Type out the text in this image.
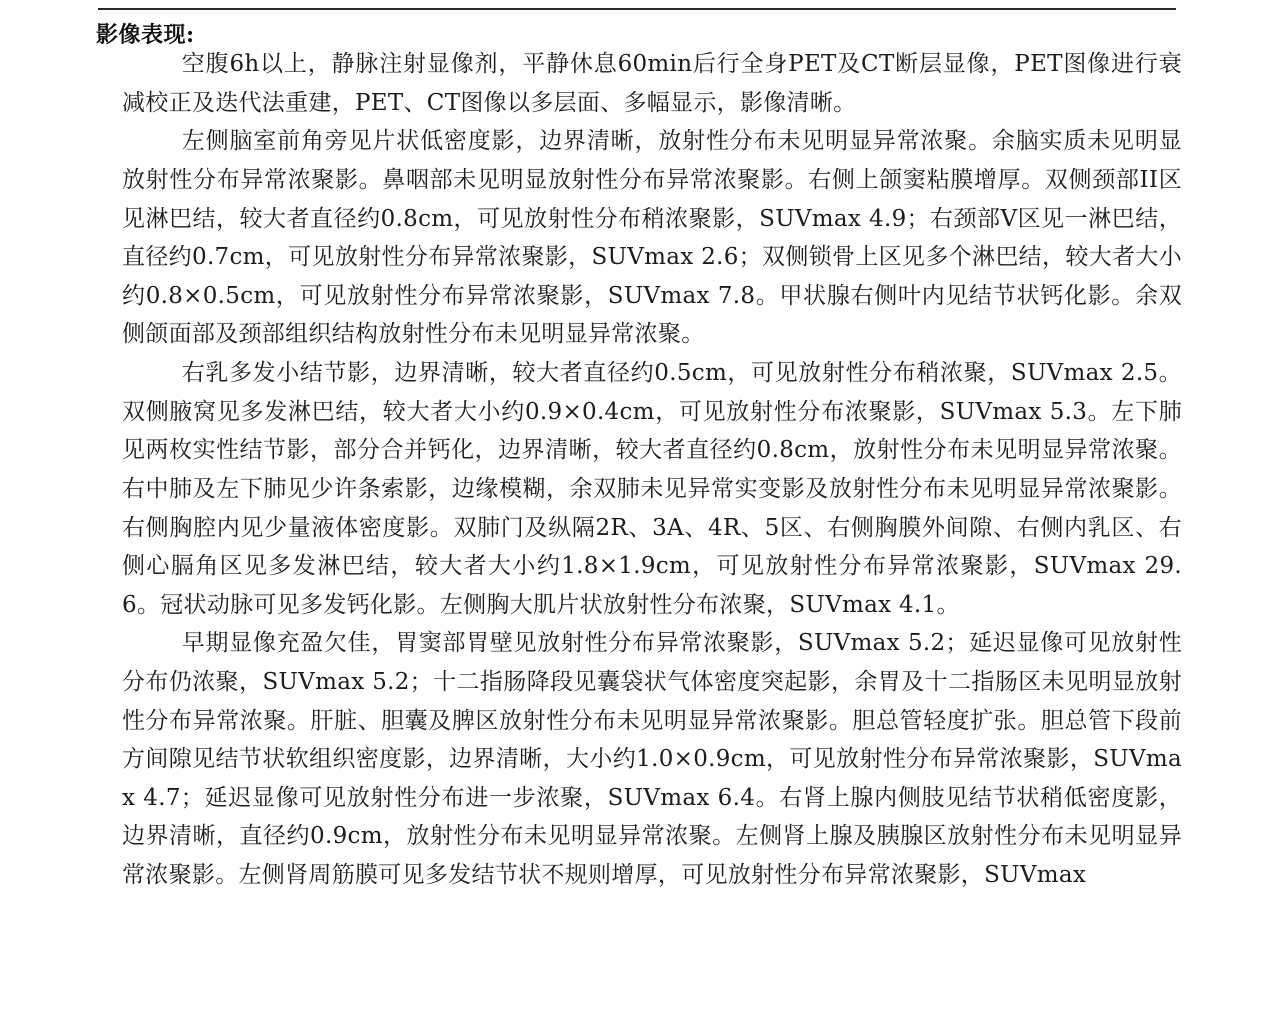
影像表现:

空腹6h以上，静脉注射显像剂，平静休息60min后行全身PET及CT断层显像，PET图像进行衰减校正及迭代法重建，PET、CT图像以多层面、多幅显示，影像清晰。

左侧脑室前角旁见片状低密度影，边界清晰，放射性分布未见明显异常浓聚。余脑实质未见明显放射性分布异常浓聚影。鼻咽部未见明显放射性分布异常浓聚影。右侧上颌窦粘膜增厚。双侧颈部II区见淋巴结，较大者直径约0.8cm，可见放射性分布稍浓聚影，SUVmax 4.9；右颈部V区见一淋巴结，直径约0.7cm，可见放射性分布异常浓聚影，SUVmax 2.6；双侧锁骨上区见多个淋巴结，较大者大小约0.8×0.5cm，可见放射性分布异常浓聚影，SUVmax 7.8。甲状腺右侧叶内见结节状钙化影。余双侧颌面部及颈部组织结构放射性分布未见明显异常浓聚。

右乳多发小结节影，边界清晰，较大者直径约0.5cm，可见放射性分布稍浓聚，SUVmax 2.5。双侧腋窝见多发淋巴结，较大者大小约0.9×0.4cm，可见放射性分布浓聚影，SUVmax 5.3。左下肺见两枚实性结节影，部分合并钙化，边界清晰，较大者直径约0.8cm，放射性分布未见明显异常浓聚。右中肺及左下肺见少许条索影，边缘模糊，余双肺未见异常实变影及放射性分布未见明显异常浓聚影。右侧胸腔内见少量液体密度影。双肺门及纵隔2R、3A、4R、5区、右侧胸膜外间隙、右侧内乳区、右侧心膈角区见多发淋巴结，较大者大小约1.8×1.9cm，可见放射性分布异常浓聚影，SUVmax 29.6。冠状动脉可见多发钙化影。左侧胸大肌片状放射性分布浓聚，SUVmax 4.1。

早期显像充盈欠佳，胃窦部胃壁见放射性分布异常浓聚影，SUVmax 5.2；延迟显像可见放射性分布仍浓聚，SUVmax 5.2；十二指肠降段见囊袋状气体密度突起影，余胃及十二指肠区未见明显放射性分布异常浓聚。肝脏、胆囊及脾区放射性分布未见明显异常浓聚影。胆总管轻度扩张。胆总管下段前方间隙见结节状软组织密度影，边界清晰，大小约1.0×0.9cm，可见放射性分布异常浓聚影，SUVmax 4.7；延迟显像可见放射性分布进一步浓聚，SUVmax 6.4。右肾上腺内侧肢见结节状稍低密度影，边界清晰，直径约0.9cm，放射性分布未见明显异常浓聚。左侧肾上腺及胰腺区放射性分布未见明显异常浓聚影。左侧肾周筋膜可见多发结节状不规则增厚，可见放射性分布异常浓聚影，SUVmax
